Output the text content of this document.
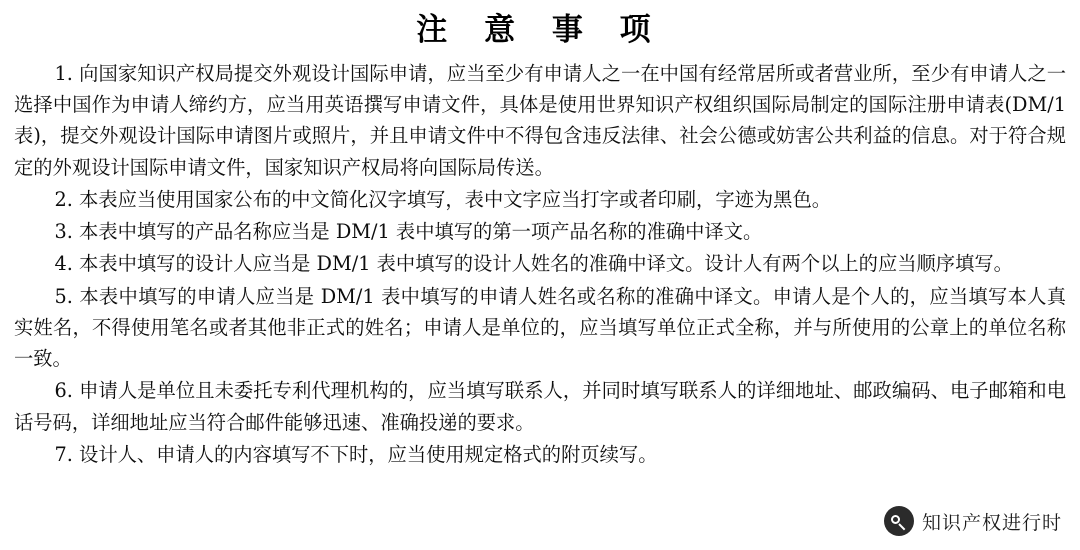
注 意 事 项

1. 向国家知识产权局提交外观设计国际申请，应当至少有申请人之一在中国有经常居所或者营业所，至少有申请人之一选择中国作为申请人缔约方，应当用英语撰写申请文件，具体是使用世界知识产权组织国际局制定的国际注册申请表(DM/1表)，提交外观设计国际申请图片或照片，并且申请文件中不得包含违反法律、社会公德或妨害公共利益的信息。对于符合规定的外观设计国际申请文件，国家知识产权局将向国际局传送。

2. 本表应当使用国家公布的中文简化汉字填写，表中文字应当打字或者印刷，字迹为黑色。

3. 本表中填写的产品名称应当是 DM/1 表中填写的第一项产品名称的准确中译文。

4. 本表中填写的设计人应当是 DM/1 表中填写的设计人姓名的准确中译文。设计人有两个以上的应当顺序填写。

5. 本表中填写的申请人应当是 DM/1 表中填写的申请人姓名或名称的准确中译文。申请人是个人的，应当填写本人真实姓名，不得使用笔名或者其他非正式的姓名；申请人是单位的，应当填写单位正式全称，并与所使用的公章上的单位名称一致。

6. 申请人是单位且未委托专利代理机构的，应当填写联系人，并同时填写联系人的详细地址、邮政编码、电子邮箱和电话号码，详细地址应当符合邮件能够迅速、准确投递的要求。

7. 设计人、申请人的内容填写不下时，应当使用规定格式的附页续写。

知识产权进行时
